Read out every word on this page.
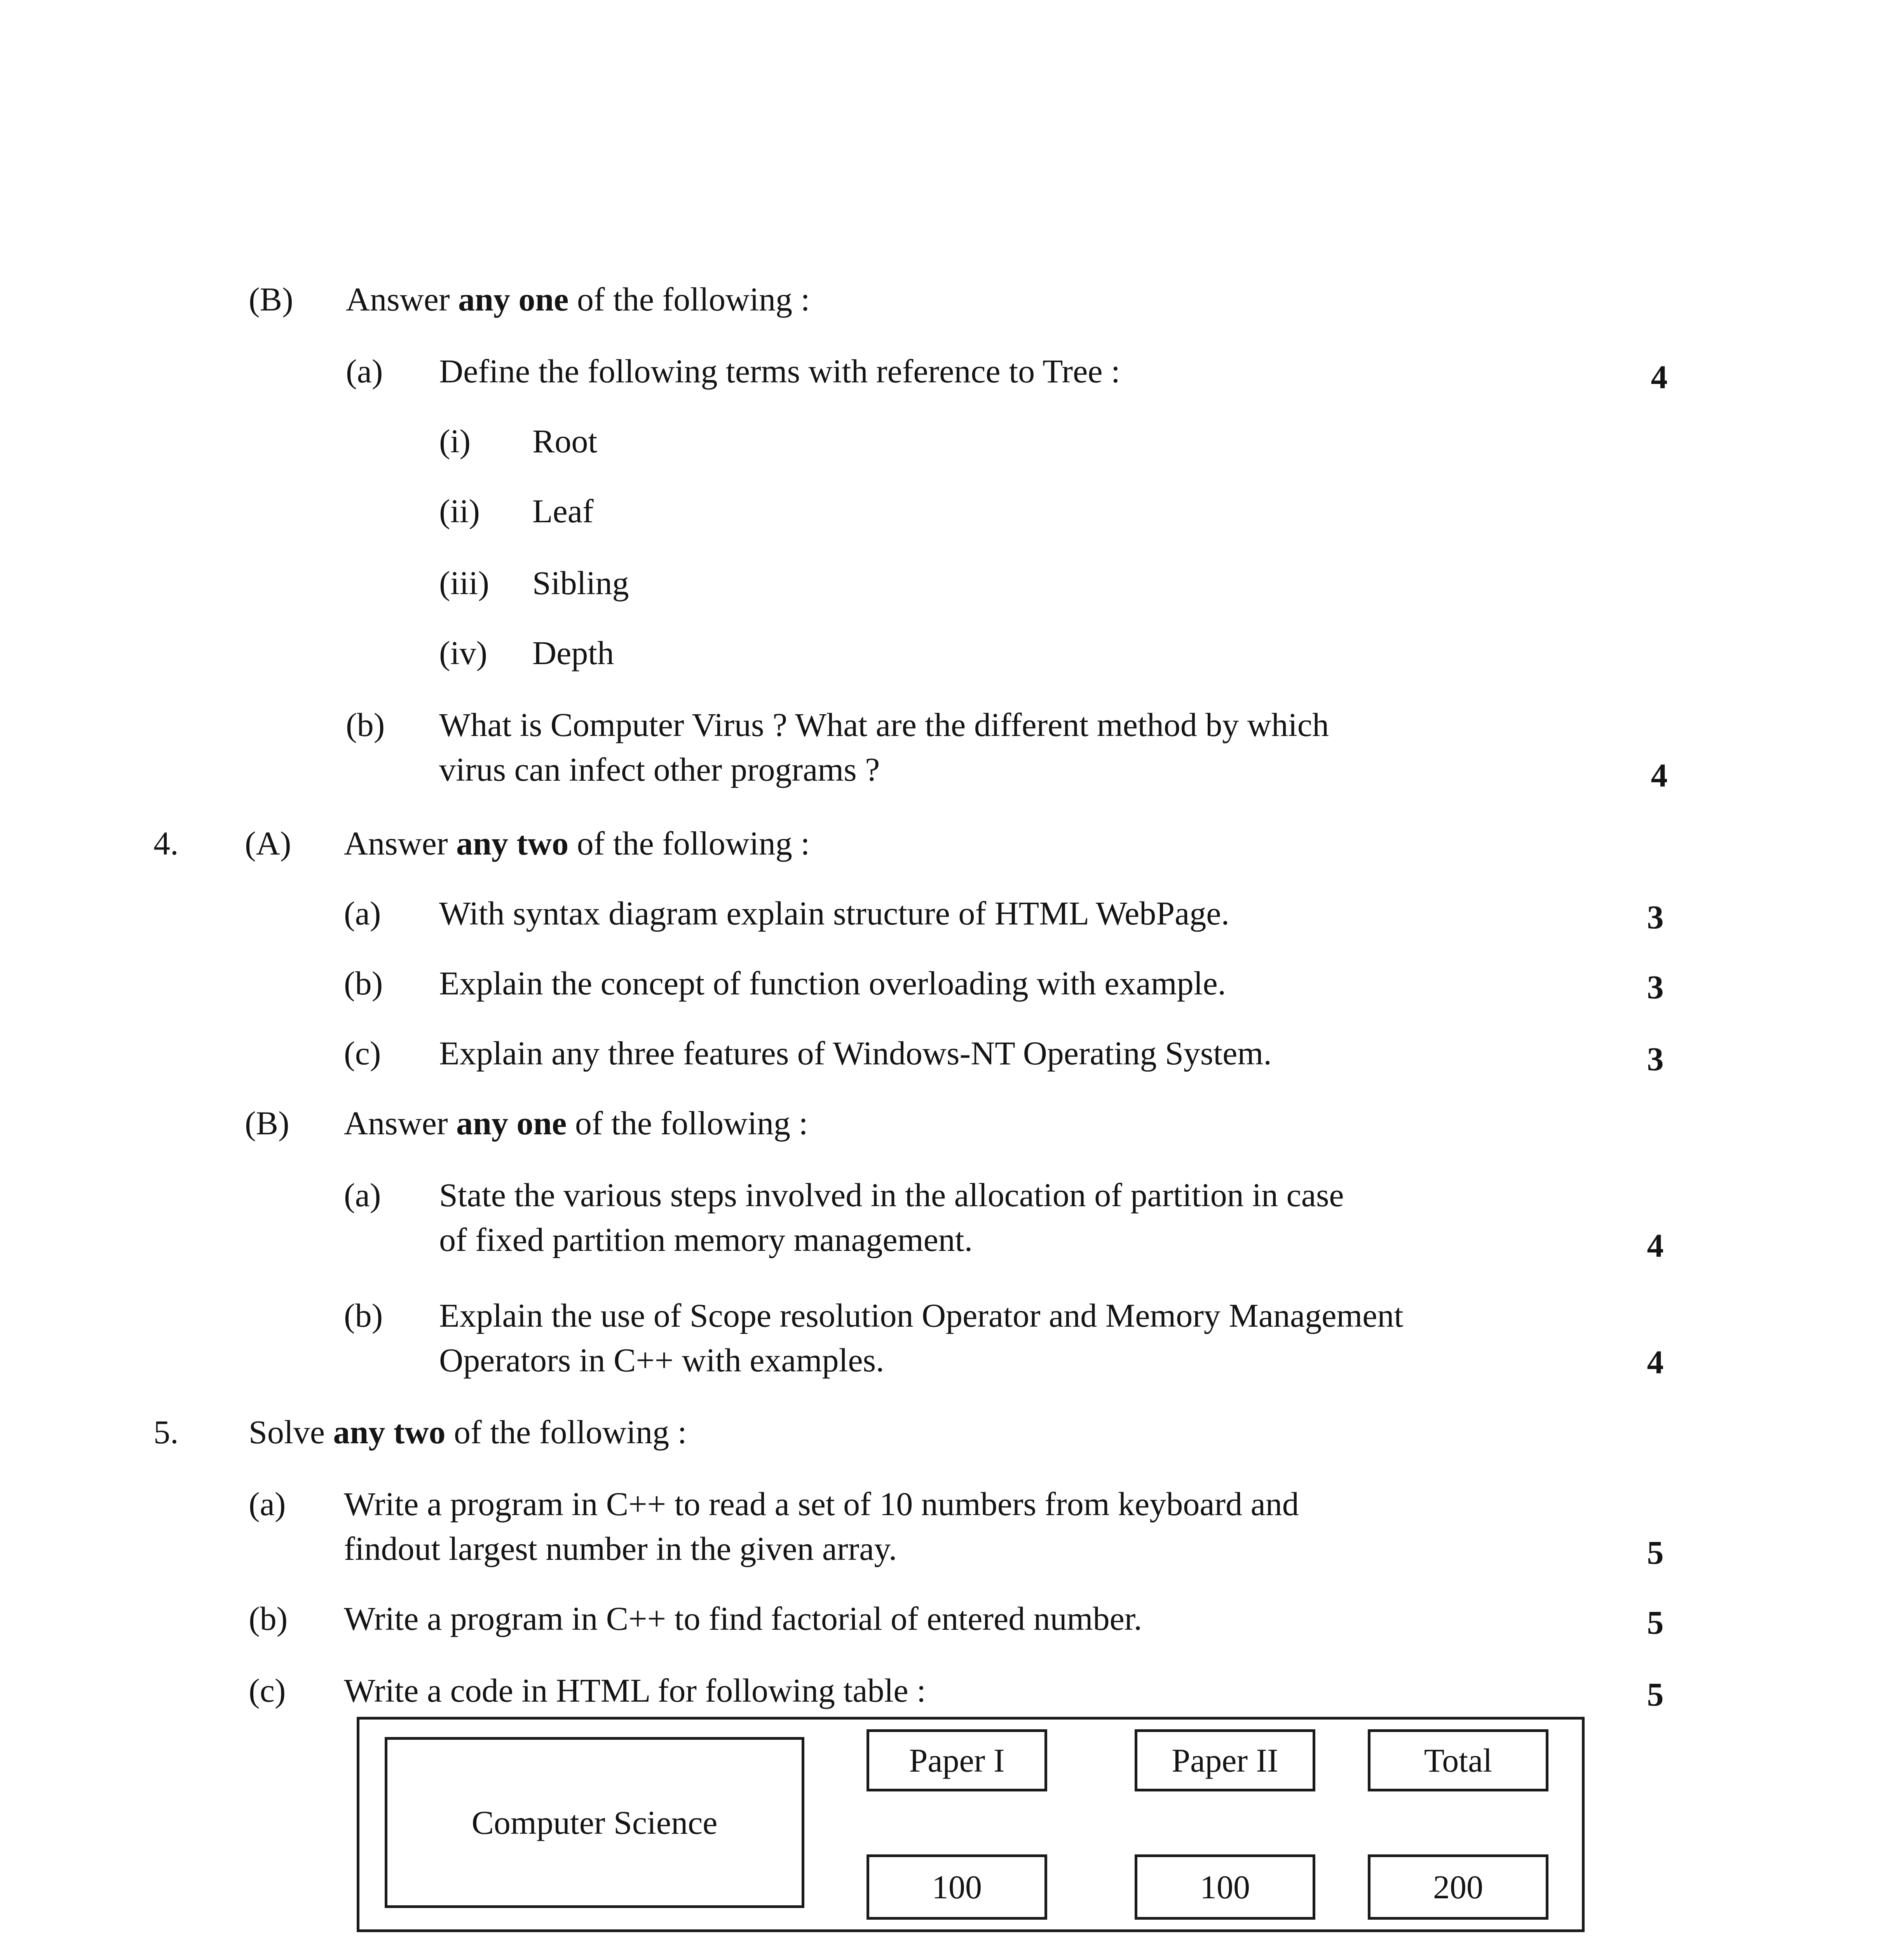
(B) Answer any one of the following :
(a) Define the following terms with reference to Tree :	4
(i) Root
(ii) Leaf
(iii) Sibling
(iv) Depth
(b) What is Computer Virus ? What are the different method by which
virus can infect other programs ?	4
4. (A) Answer any two of the following :
(a) With syntax diagram explain structure of HTML WebPage.	3
(b) Explain the concept of function overloading with example.	3
(c) Explain any three features of Windows-NT Operating System.	3
(B) Answer any one of the following :
(a) State the various steps involved in the allocation of partition in case
of fixed partition memory management.	4
(b) Explain the use of Scope resolution Operator and Memory Management
Operators in C++ with examples.	4
5. Solve any two of the following :
(a) Write a program in C++ to read a set of 10 numbers from keyboard and
findout largest number in the given array.	5
(b) Write a program in C++ to find factorial of entered number.	5
(c) Write a code in HTML for following table :	5
Computer Science
Paper I	Paper II	Total
100	100	200
